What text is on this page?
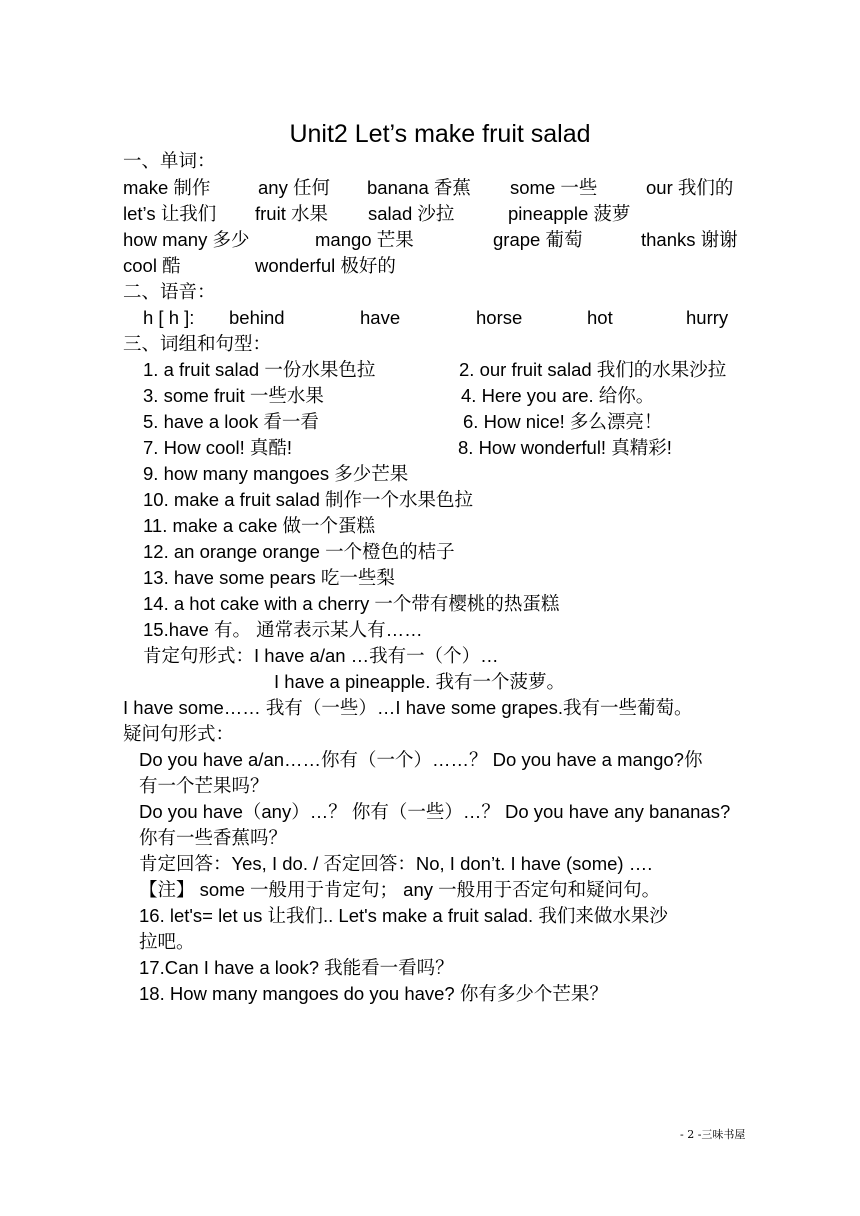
Unit2 Let’s make fruit salad
一、单词：
make 制作	any 任何 banana 香蕉 some 一些	our 我们的
let’s 让我们 fruit 水果 salad 沙拉	pineapple 菠萝
how many 多少	mango 芒果	grape 葡萄	thanks 谢谢
cool 酷	wonderful 极好的
二、语音：
h [ h ]: behind	have	horse	hot	hurry
三、词组和句型：
1. a fruit salad 一份水果色拉	2. our fruit salad 我们的水果沙拉
3. some fruit 一些水果	4. Here you are. 给你。
5. have a look 看一看	6. How nice! 多么漂亮！
7. How cool! 真酷!	8. How wonderful! 真精彩!
9. how many mangoes 多少芒果
10. make a fruit salad 制作一个水果色拉
11. make a cake 做一个蛋糕
12. an orange orange 一个橙色的桔子
13. have some pears 吃一些梨
14. a hot cake with a cherry 一个带有樱桃的热蛋糕
15.have 有。 通常表示某人有……
肯定句形式：I have a/an …我有一（个）…
I have a pineapple. 我有一个菠萝。
I have some…… 我有（一些）…I have some grapes.我有一些葡萄。
疑问句形式：
Do you have a/an……你有（一个）……？ Do you have a mango?你
有一个芒果吗？
Do you have（any）…？ 你有（一些）…？ Do you have any bananas?
你有一些香蕉吗？
肯定回答：Yes, I do. / 否定回答：No, I don’t. I have (some) ….
【注】 some 一般用于肯定句； any 一般用于否定句和疑问句。
16. let's= let us 让我们.. Let's make a fruit salad. 我们来做水果沙
拉吧。
17.Can I have a look? 我能看一看吗？
18. How many mangoes do you have? 你有多少个芒果？
- 2 -三味书屋
